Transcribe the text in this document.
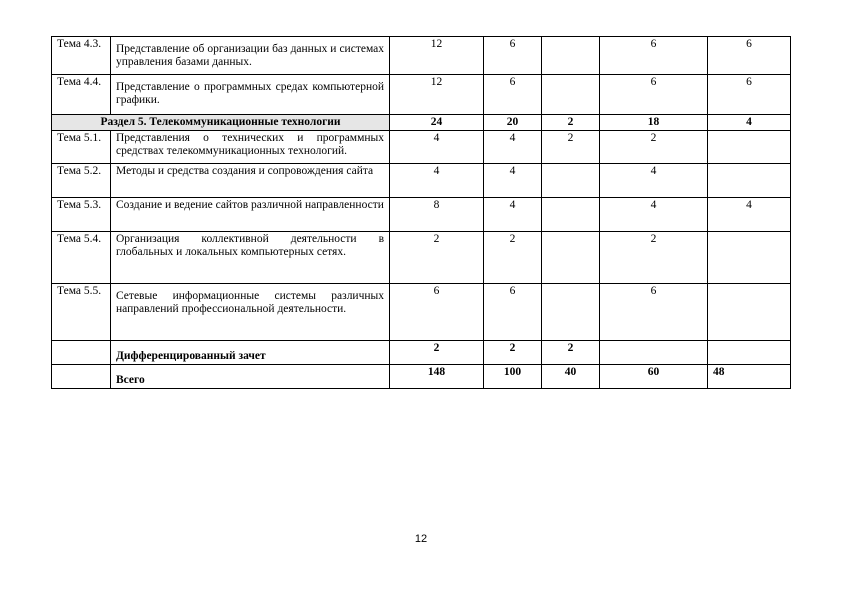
Тема 4.3.	Представление об организации баз данных и системах управления базами данных.	12	6		6	6
Тема 4.4.	Представление о программных средах компьютерной графики.	12	6		6	6
Раздел 5. Телекоммуникационные технологии		24	20	2	18	4
Тема 5.1.	Представления о технических и программных средствах телекоммуникационных технологий.	4	4	2	2	
Тема 5.2.	Методы и средства создания и сопровождения сайта	4	4		4	
Тема 5.3.	Создание и ведение сайтов различной направленности	8	4		4	4
Тема 5.4.	Организация коллективной деятельности в глобальных и локальных компьютерных сетях.	2	2		2	
Тема 5.5.	Сетевые информационные системы различных направлений профессиональной деятельности.	6	6		6	
	Дифференцированный зачет	2	2	2		
	Всего	148	100	40	60	48
12
